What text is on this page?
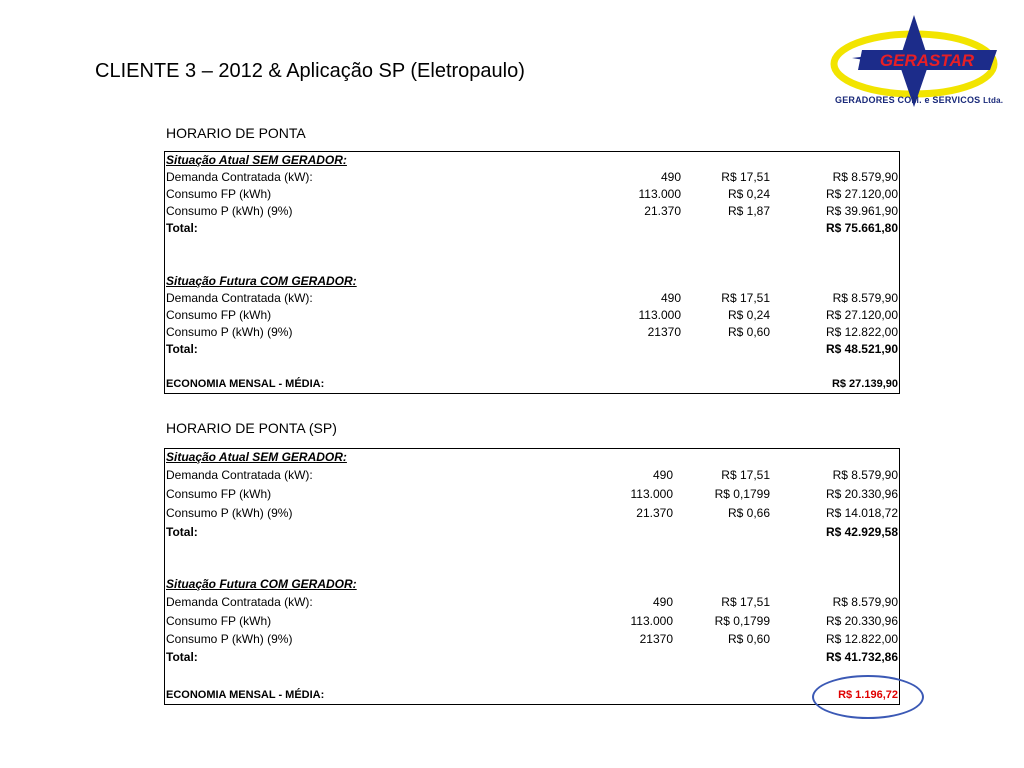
CLIENTE 3 – 2012 & Aplicação SP (Eletropaulo)	GERASTAR
GERADORES COM. e SERVICOS Ltda.
HORARIO DE PONTA
Situação Atual SEM GERADOR:
Demanda Contratada (kW):	490	R$ 17,51	R$ 8.579,90
Consumo FP (kWh)	113.000	R$ 0,24	R$ 27.120,00
Consumo P (kWh) (9%)	21.370	R$ 1,87	R$ 39.961,90
Total:	R$ 75.661,80
Situação Futura COM GERADOR:
Demanda Contratada (kW):	490	R$ 17,51	R$ 8.579,90
Consumo FP (kWh)	113.000	R$ 0,24	R$ 27.120,00
Consumo P (kWh) (9%)	21370	R$ 0,60	R$ 12.822,00
Total:	R$ 48.521,90
ECONOMIA MENSAL - MÉDIA:	R$ 27.139,90
HORARIO DE PONTA (SP)
Situação Atual SEM GERADOR:
Demanda Contratada (kW):	490	R$ 17,51	R$ 8.579,90
Consumo FP (kWh)	113.000	R$ 0,1799	R$ 20.330,96
Consumo P (kWh) (9%)	21.370	R$ 0,66	R$ 14.018,72
Total:	R$ 42.929,58
Situação Futura COM GERADOR:
Demanda Contratada (kW):	490	R$ 17,51	R$ 8.579,90
Consumo FP (kWh)	113.000	R$ 0,1799	R$ 20.330,96
Consumo P (kWh) (9%)	21370	R$ 0,60	R$ 12.822,00
Total:	R$ 41.732,86
ECONOMIA MENSAL - MÉDIA:	R$ 1.196,72
